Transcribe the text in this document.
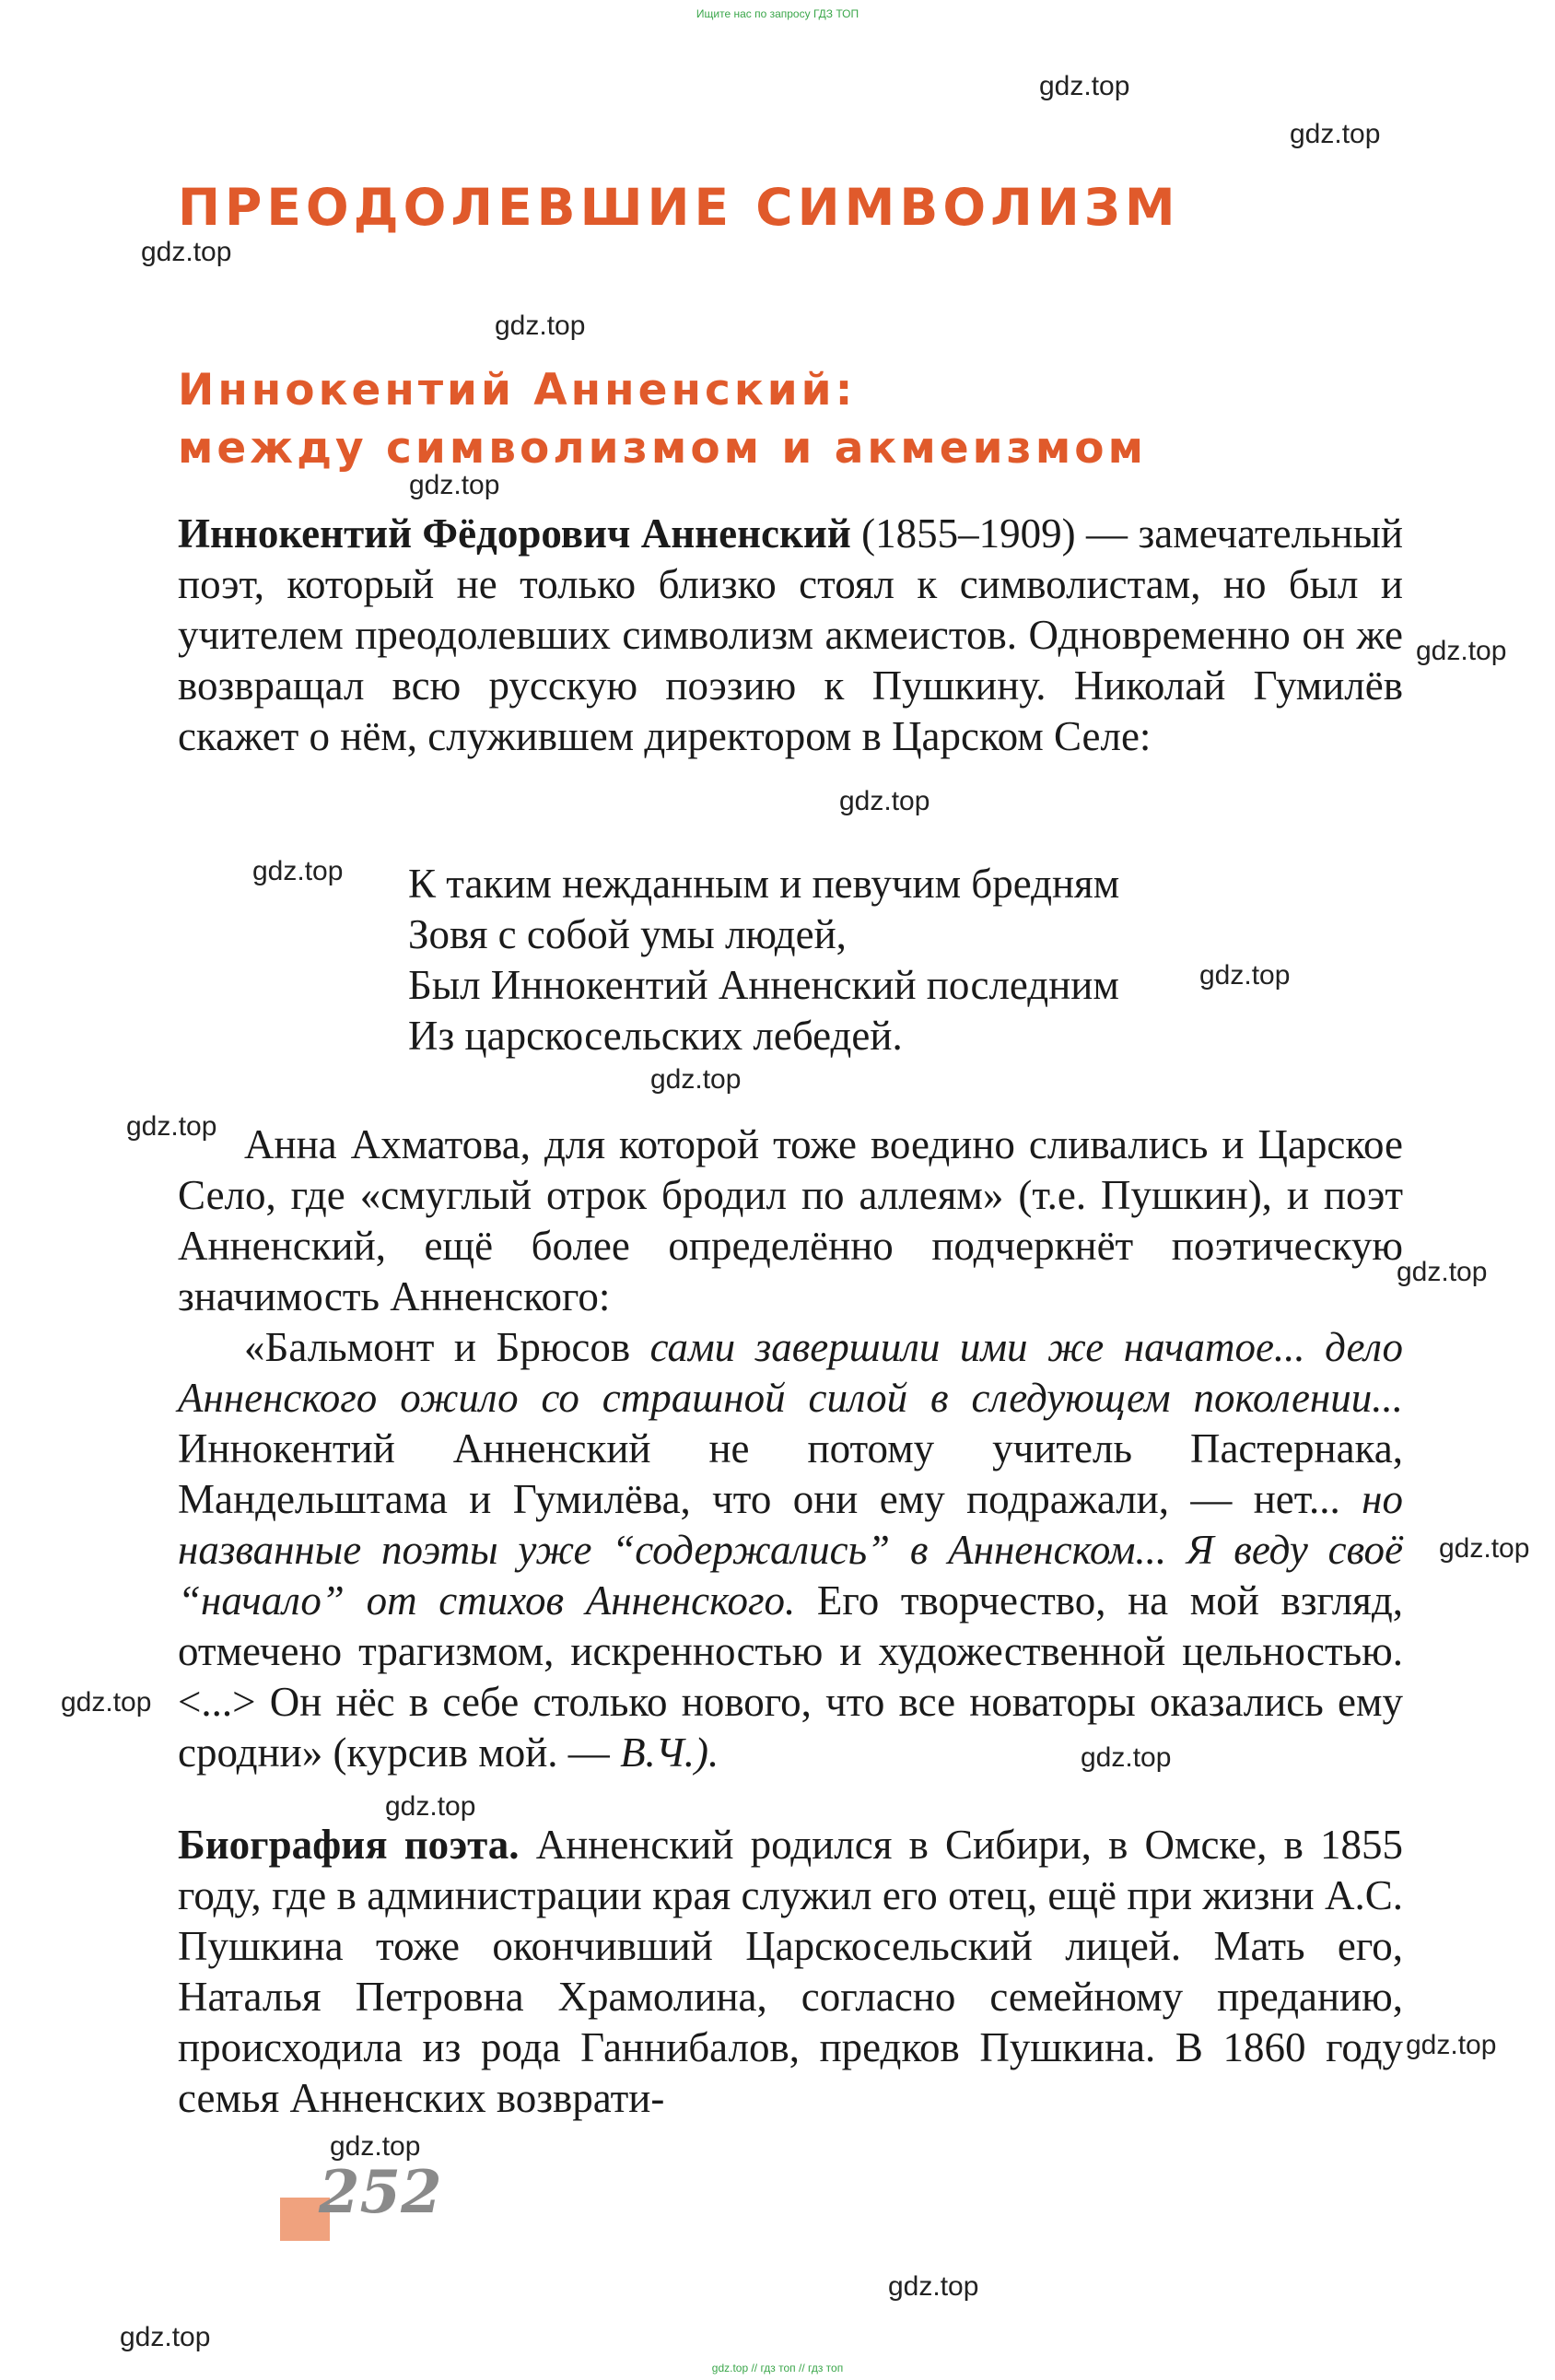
Ищите нас по запросу ГДЗ ТОП
ПРЕОДОЛЕВШИЕ СИМВОЛИЗМ
Иннокентий Анненский:
между символизмом и акмеизмом

Иннокентий Фёдорович Анненский (1855–1909) — замечательный поэт, который не только близко стоял к символистам, но был и учителем преодолевших символизм акмеистов. Одновременно он же возвращал всю русскую поэзию к Пушкину. Николай Гумилёв скажет о нём, служившем директором в Царском Селе:

К таким нежданным и певучим бредням
Зовя с собой умы людей,
Был Иннокентий Анненский последним
Из царскосельских лебедей.

Анна Ахматова, для которой тоже воедино сливались и Царское Село, где «смуглый отрок бродил по аллеям» (т.е. Пушкин), и поэт Анненский, ещё более определённо подчеркнёт поэтическую значимость Анненского:

«Бальмонт и Брюсов сами завершили ими же начатое... дело Анненского ожило со страшной силой в следующем поколении... Иннокентий Анненский не потому учитель Пастернака, Мандельштама и Гумилёва, что они ему подражали, — нет... но названные поэты уже “содержались” в Анненском... Я веду своё “начало” от стихов Анненского. Его творчество, на мой взгляд, отмечено трагизмом, искренностью и художественной цельностью. <...> Он нёс в себе столько нового, что все новаторы оказались ему сродни» (курсив мой. — В.Ч.).

Биография поэта. Анненский родился в Сибири, в Омске, в 1855 году, где в администрации края служил его отец, ещё при жизни А.С. Пушкина тоже окончивший Царскосельский лицей. Мать его, Наталья Петровна Храмолина, согласно семейному преданию, происходила из рода Ганнибалов, предков Пушкина. В 1860 году семья Анненских возврати-

252
gdz.top
gdz.top
gdz.top
gdz.top
gdz.top
gdz.top
gdz.top
gdz.top
gdz.top
gdz.top
gdz.top
gdz.top
gdz.top
gdz.top
gdz.top
gdz.top
gdz.top
gdz.top
gdz.top
gdz.top
gdz.top // гдз топ // гдз топ
